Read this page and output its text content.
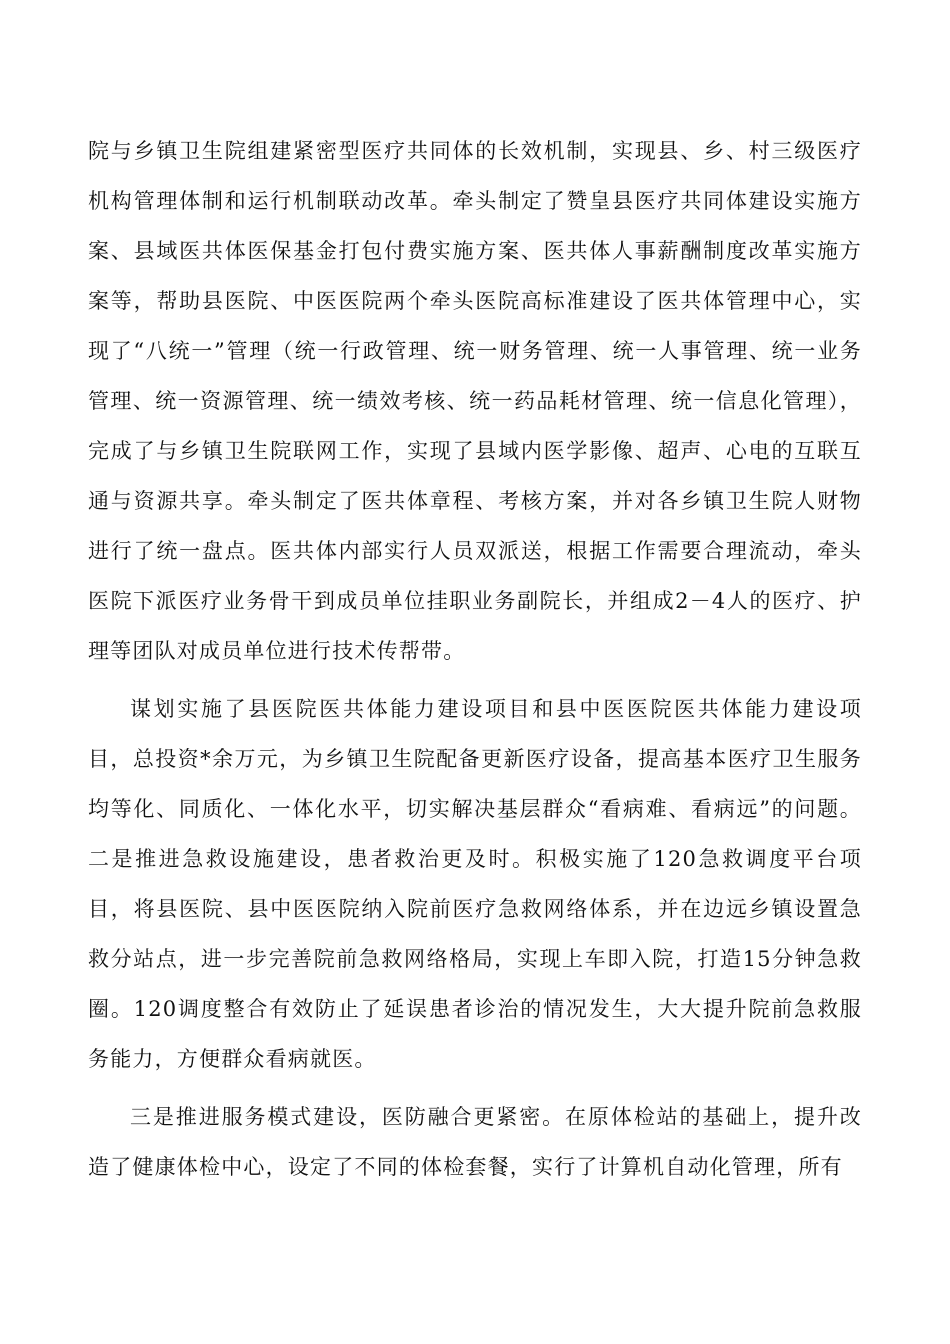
院与乡镇卫生院组建紧密型医疗共同体的长效机制，实现县、乡、村三级医疗机构管理体制和运行机制联动改革。牵头制定了赞皇县医疗共同体建设实施方案、县域医共体医保基金打包付费实施方案、医共体人事薪酬制度改革实施方案等，帮助县医院、中医医院两个牵头医院高标准建设了医共体管理中心，实现了“八统一”管理（统一行政管理、统一财务管理、统一人事管理、统一业务管理、统一资源管理、统一绩效考核、统一药品耗材管理、统一信息化管理），完成了与乡镇卫生院联网工作，实现了县域内医学影像、超声、心电的互联互通与资源共享。牵头制定了医共体章程、考核方案，并对各乡镇卫生院人财物进行了统一盘点。医共体内部实行人员双派送，根据工作需要合理流动，牵头医院下派医疗业务骨干到成员单位挂职业务副院长，并组成2－4人的医疗、护理等团队对成员单位进行技术传帮带。

谋划实施了县医院医共体能力建设项目和县中医医院医共体能力建设项目，总投资*余万元，为乡镇卫生院配备更新医疗设备，提高基本医疗卫生服务均等化、同质化、一体化水平，切实解决基层群众“看病难、看病远”的问题。二是推进急救设施建设，患者救治更及时。积极实施了120急救调度平台项目，将县医院、县中医医院纳入院前医疗急救网络体系，并在边远乡镇设置急救分站点，进一步完善院前急救网络格局，实现上车即入院，打造15分钟急救圈。120调度整合有效防止了延误患者诊治的情况发生，大大提升院前急救服务能力，方便群众看病就医。

三是推进服务模式建设，医防融合更紧密。在原体检站的基础上，提升改造了健康体检中心，设定了不同的体检套餐，实行了计算机自动化管理，所有
